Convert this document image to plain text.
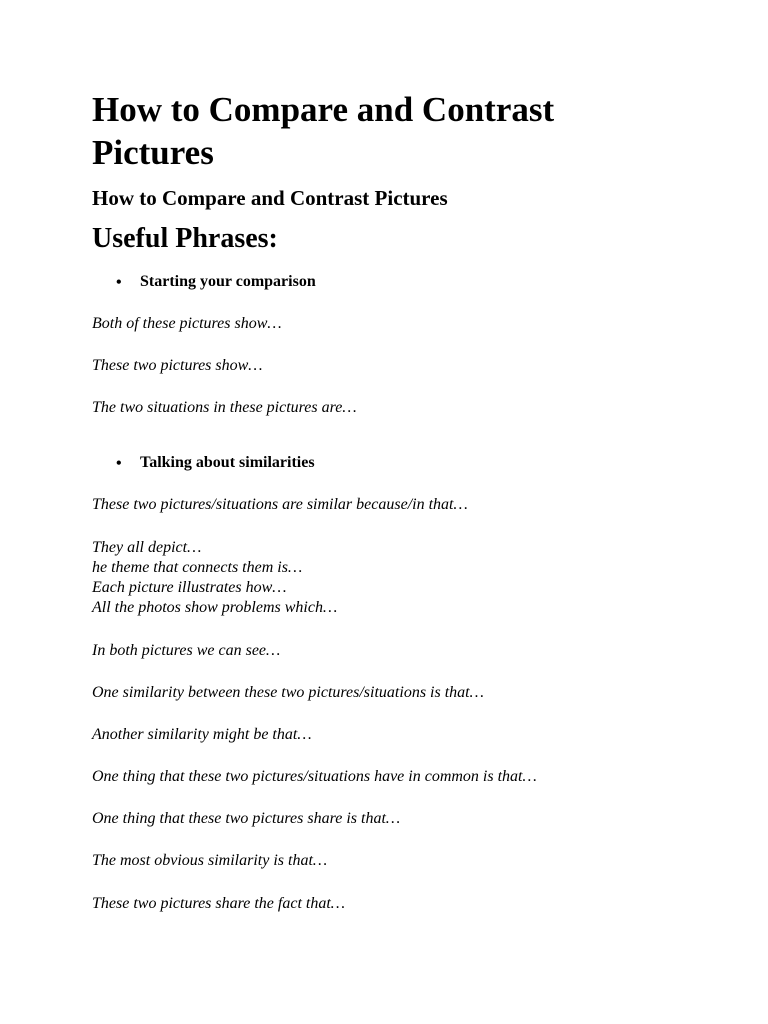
How to Compare and Contrast Pictures
How to Compare and Contrast Pictures
Useful Phrases:
• Starting your comparison

Both of these pictures show…

These two pictures show…

The two situations in these pictures are…

• Talking about similarities

These two pictures/situations are similar because/in that…

They all depict…
he theme that connects them is…
Each picture illustrates how…
All the photos show problems which…

In both pictures we can see…

One similarity between these two pictures/situations is that…

Another similarity might be that…

One thing that these two pictures/situations have in common is that…

One thing that these two pictures share is that…

The most obvious similarity is that…

These two pictures share the fact that…
